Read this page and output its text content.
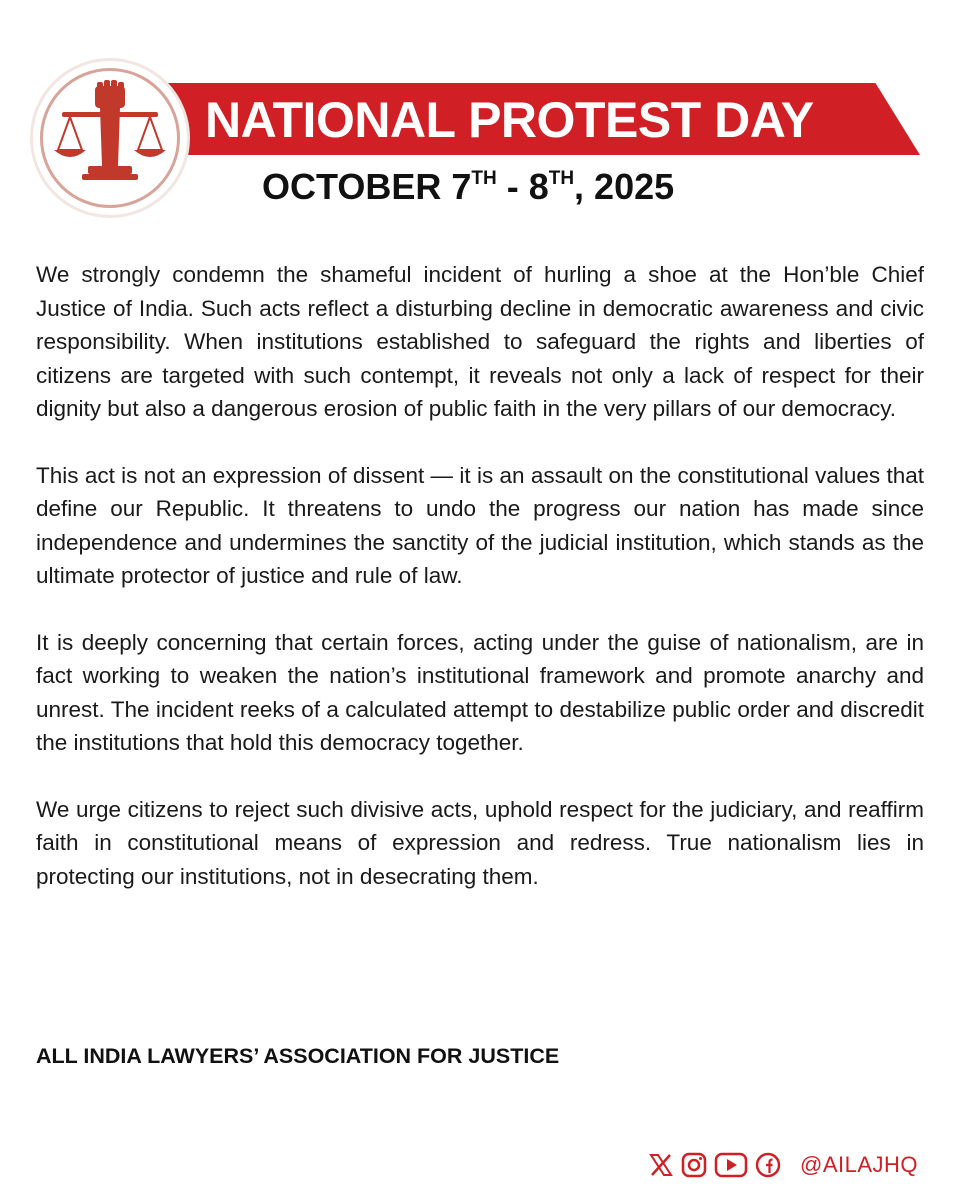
NATIONAL PROTEST DAY
OCTOBER 7TH - 8TH, 2025

We strongly condemn the shameful incident of hurling a shoe at the Hon’ble Chief Justice of India. Such acts reflect a disturbing decline in democratic awareness and civic responsibility. When institutions established to safeguard the rights and liberties of citizens are targeted with such contempt, it reveals not only a lack of respect for their dignity but also a dangerous erosion of public faith in the very pillars of our democracy.

This act is not an expression of dissent — it is an assault on the constitutional values that define our Republic. It threatens to undo the progress our nation has made since independence and undermines the sanctity of the judicial institution, which stands as the ultimate protector of justice and rule of law.

It is deeply concerning that certain forces, acting under the guise of nationalism, are in fact working to weaken the nation’s institutional framework and promote anarchy and unrest. The incident reeks of a calculated attempt to destabilize public order and discredit the institutions that hold this democracy together.

We urge citizens to reject such divisive acts, uphold respect for the judiciary, and reaffirm faith in constitutional means of expression and redress. True nationalism lies in protecting our institutions, not in desecrating them.

ALL INDIA LAWYERS’ ASSOCIATION FOR JUSTICE
@AILAJHQ
